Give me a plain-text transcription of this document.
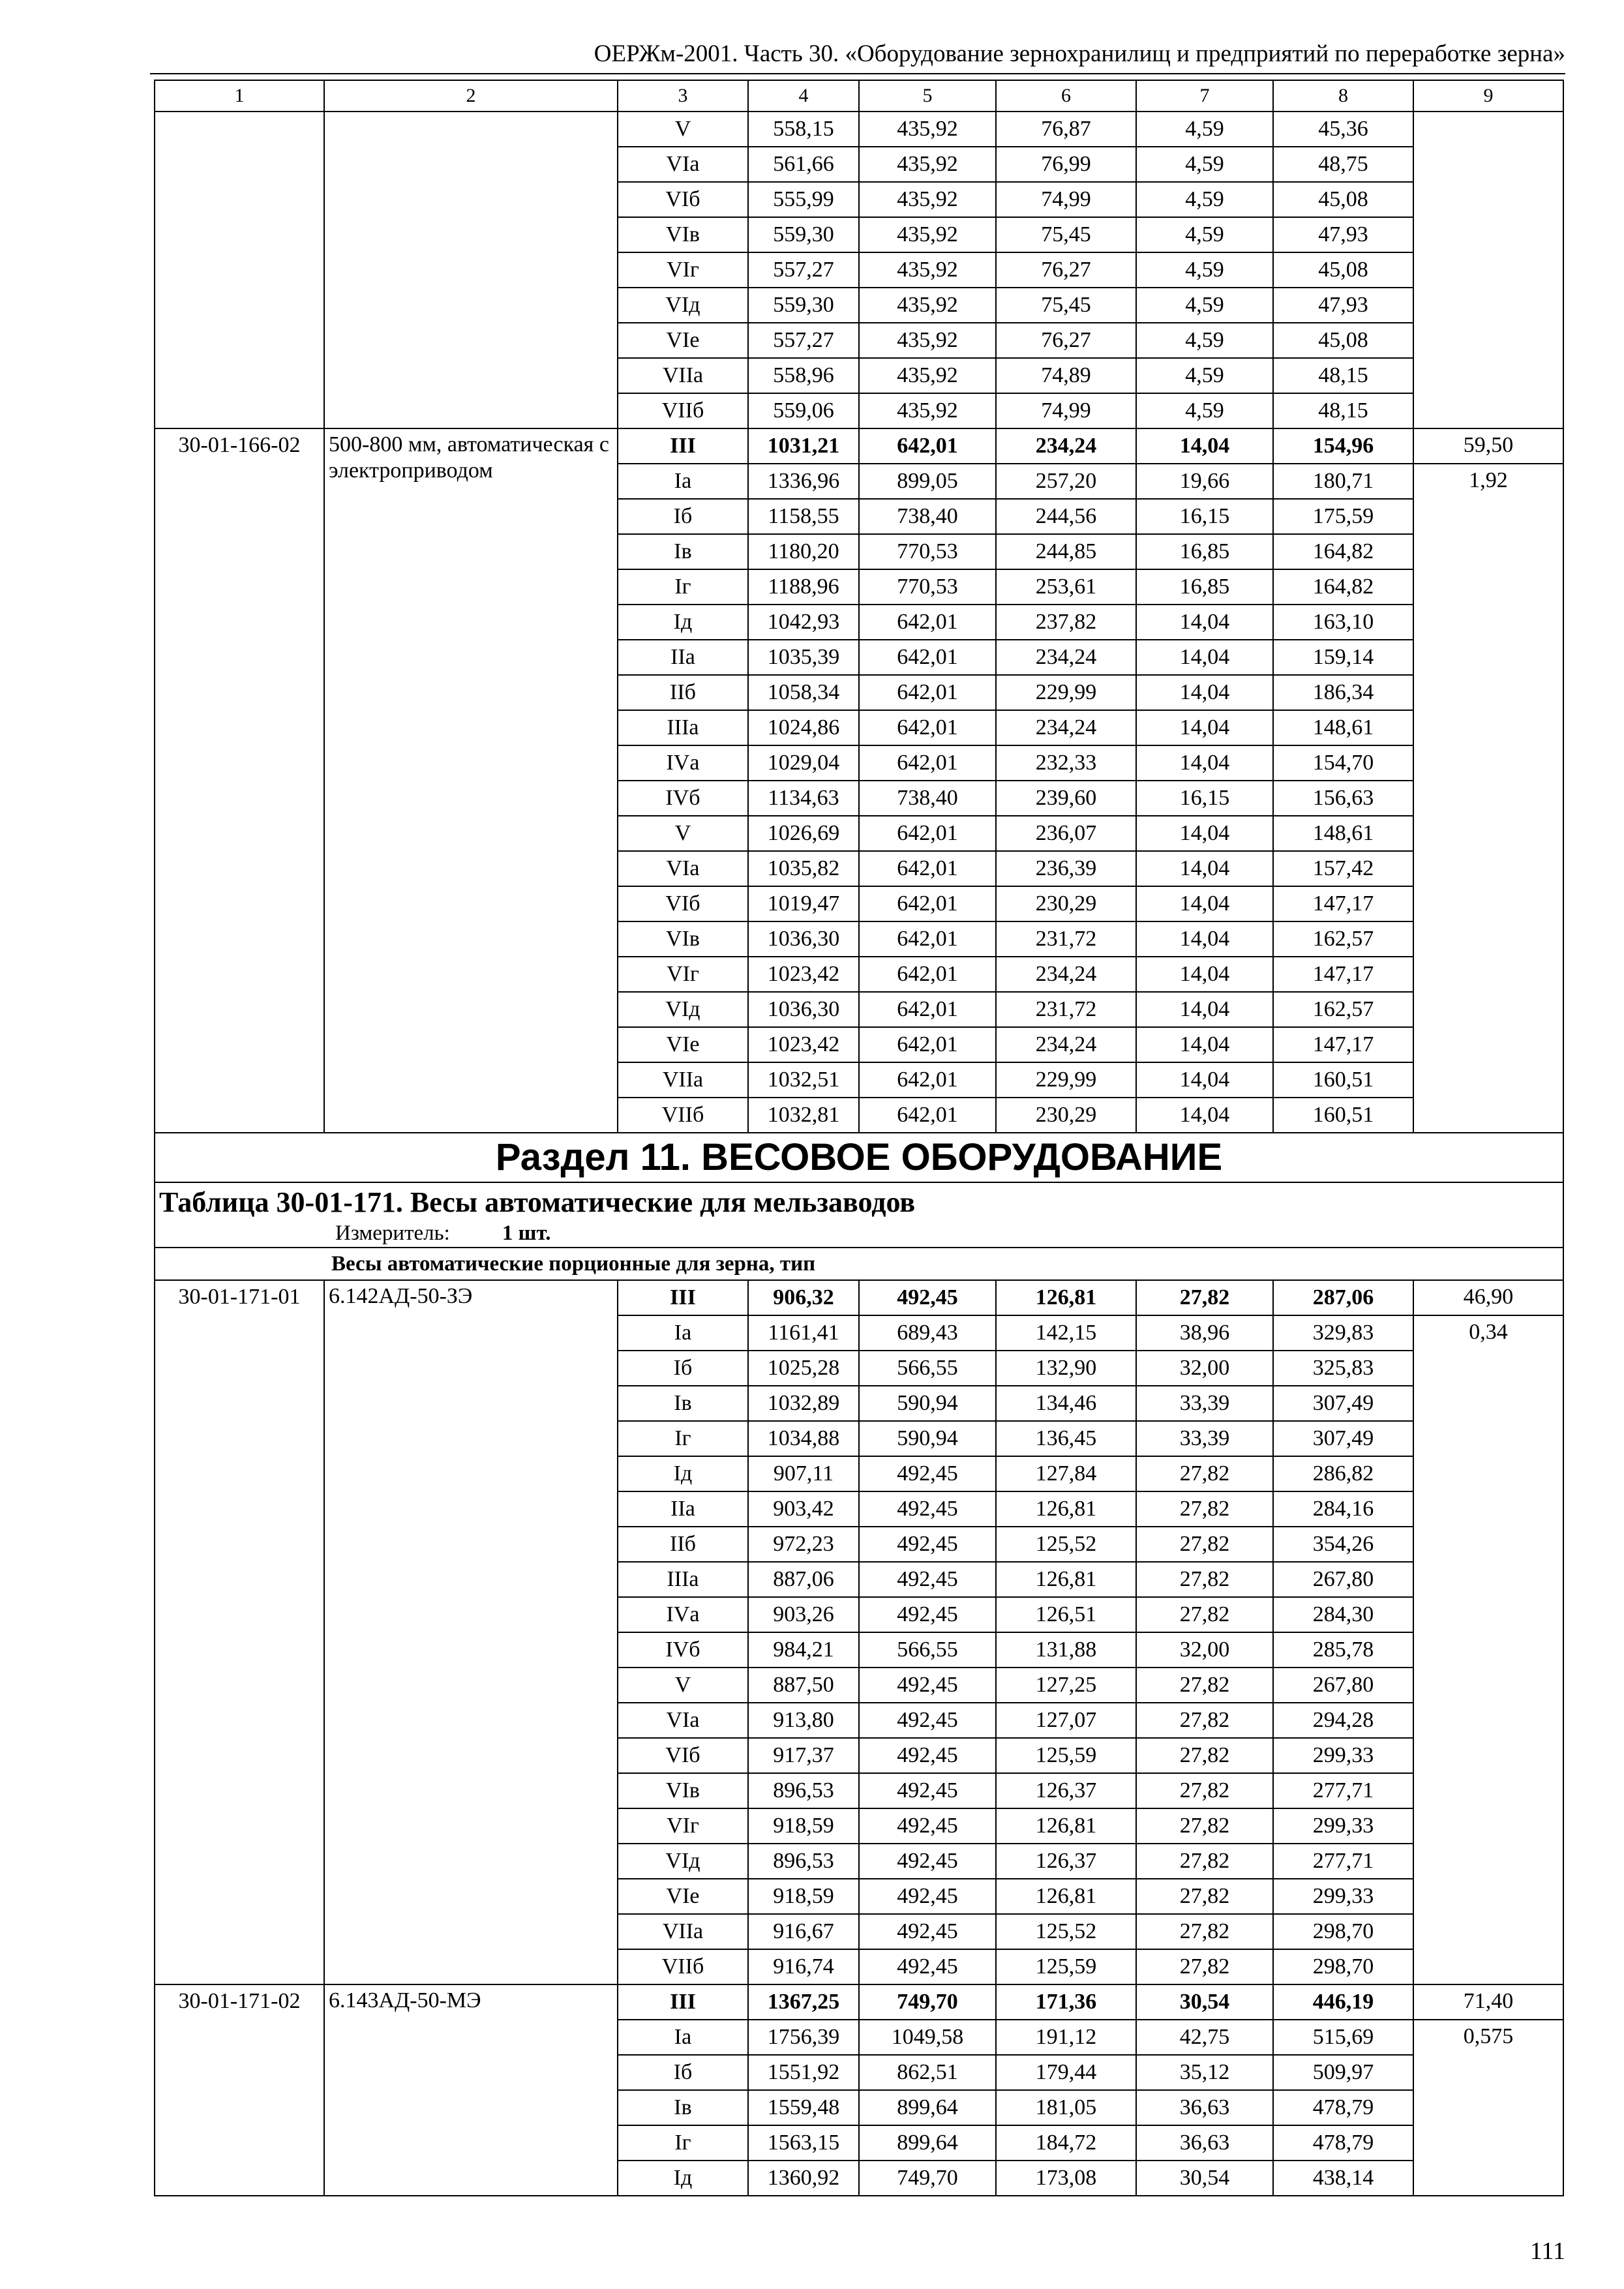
ОЕРЖм-2001. Часть 30. «Оборудование зернохранилищ и предприятий по переработке зерна»
1	2	3	4	5	6	7	8	9
		V	558,15	435,92	76,87	4,59	45,36	
		VIа	561,66	435,92	76,99	4,59	48,75	
		VIб	555,99	435,92	74,99	4,59	45,08	
		VIв	559,30	435,92	75,45	4,59	47,93	
		VIг	557,27	435,92	76,27	4,59	45,08	
		VIд	559,30	435,92	75,45	4,59	47,93	
		VIе	557,27	435,92	76,27	4,59	45,08	
		VIIа	558,96	435,92	74,89	4,59	48,15	
		VIIб	559,06	435,92	74,99	4,59	48,15	
30-01-166-02	500-800 мм, автоматическая с электроприводом	III	1031,21	642,01	234,24	14,04	154,96	59,50
		Iа	1336,96	899,05	257,20	19,66	180,71	1,92
		Iб	1158,55	738,40	244,56	16,15	175,59	
		Iв	1180,20	770,53	244,85	16,85	164,82	
		Iг	1188,96	770,53	253,61	16,85	164,82	
		Iд	1042,93	642,01	237,82	14,04	163,10	
		IIа	1035,39	642,01	234,24	14,04	159,14	
		IIб	1058,34	642,01	229,99	14,04	186,34	
		IIIа	1024,86	642,01	234,24	14,04	148,61	
		IVа	1029,04	642,01	232,33	14,04	154,70	
		IVб	1134,63	738,40	239,60	16,15	156,63	
		V	1026,69	642,01	236,07	14,04	148,61	
		VIа	1035,82	642,01	236,39	14,04	157,42	
		VIб	1019,47	642,01	230,29	14,04	147,17	
		VIв	1036,30	642,01	231,72	14,04	162,57	
		VIг	1023,42	642,01	234,24	14,04	147,17	
		VIд	1036,30	642,01	231,72	14,04	162,57	
		VIе	1023,42	642,01	234,24	14,04	147,17	
		VIIа	1032,51	642,01	229,99	14,04	160,51	
		VIIб	1032,81	642,01	230,29	14,04	160,51	
Раздел 11. ВЕСОВОЕ ОБОРУДОВАНИЕ								
Таблица 30-01-171. Весы автоматические для мельзаводов
Измеритель: 1 шт.								

Весы автоматические порционные для зерна, тип								
30-01-171-01	6.142АД-50-ЗЭ	III	906,32	492,45	126,81	27,82	287,06	46,90
		Iа	1161,41	689,43	142,15	38,96	329,83	0,34
		Iб	1025,28	566,55	132,90	32,00	325,83	
		Iв	1032,89	590,94	134,46	33,39	307,49	
		Iг	1034,88	590,94	136,45	33,39	307,49	
		Iд	907,11	492,45	127,84	27,82	286,82	
		IIа	903,42	492,45	126,81	27,82	284,16	
		IIб	972,23	492,45	125,52	27,82	354,26	
		IIIа	887,06	492,45	126,81	27,82	267,80	
		IVа	903,26	492,45	126,51	27,82	284,30	
		IVб	984,21	566,55	131,88	32,00	285,78	
		V	887,50	492,45	127,25	27,82	267,80	
		VIа	913,80	492,45	127,07	27,82	294,28	
		VIб	917,37	492,45	125,59	27,82	299,33	
		VIв	896,53	492,45	126,37	27,82	277,71	
		VIг	918,59	492,45	126,81	27,82	299,33	
		VIд	896,53	492,45	126,37	27,82	277,71	
		VIе	918,59	492,45	126,81	27,82	299,33	
		VIIа	916,67	492,45	125,52	27,82	298,70	
		VIIб	916,74	492,45	125,59	27,82	298,70	
30-01-171-02	6.143АД-50-МЭ	III	1367,25	749,70	171,36	30,54	446,19	71,40
		Iа	1756,39	1049,58	191,12	42,75	515,69	0,575
		Iб	1551,92	862,51	179,44	35,12	509,97	
		Iв	1559,48	899,64	181,05	36,63	478,79	
		Iг	1563,15	899,64	184,72	36,63	478,79	
		Iд	1360,92	749,70	173,08	30,54	438,14	
111
